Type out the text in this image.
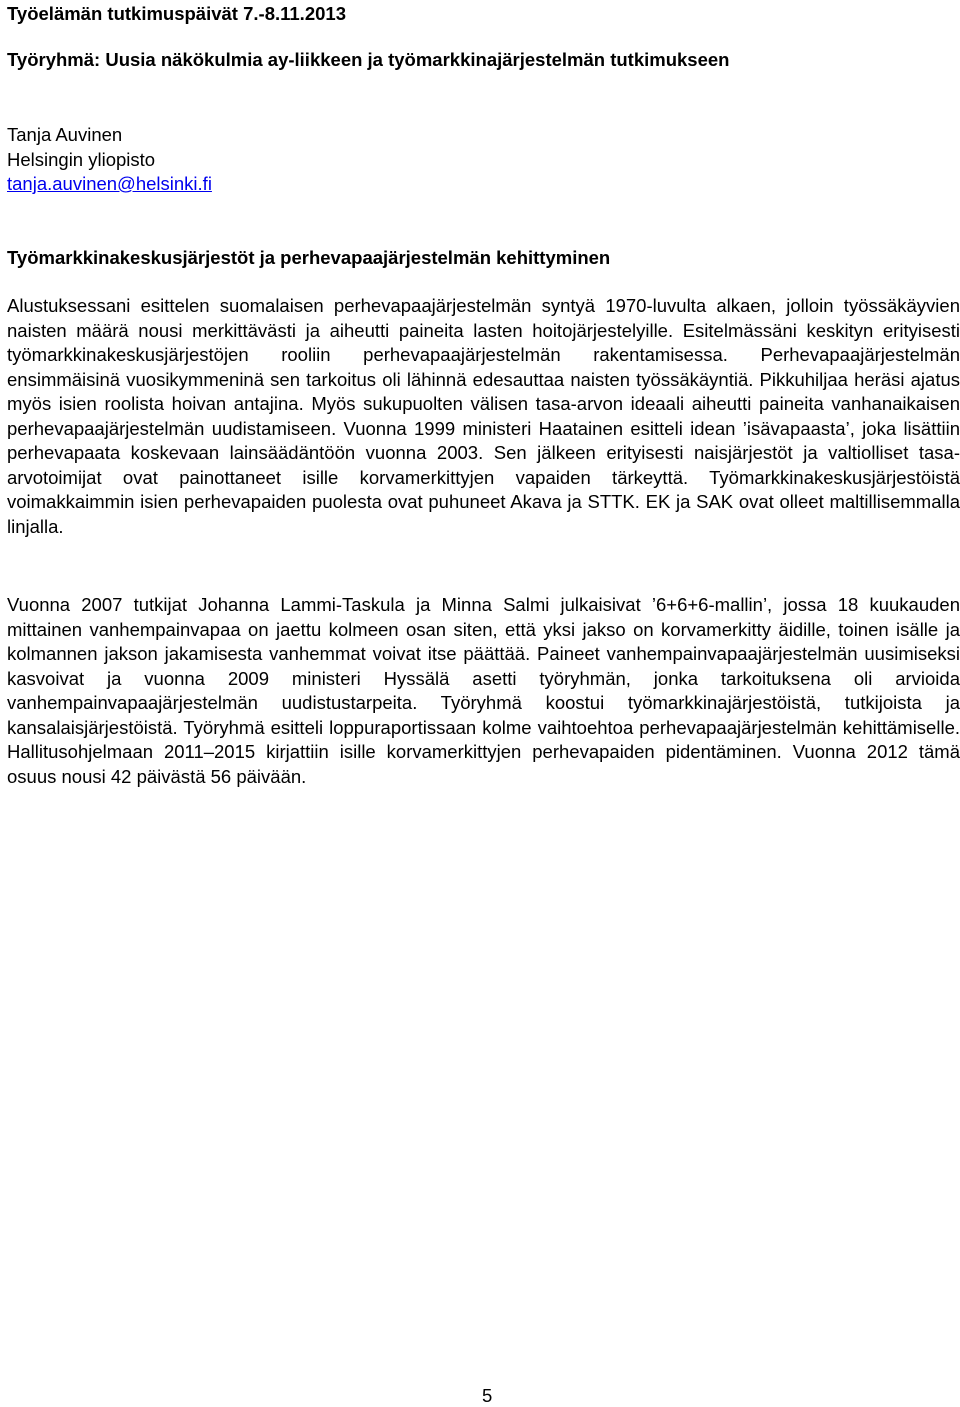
Työelämän tutkimuspäivät 7.-8.11.2013
Työryhmä: Uusia näkökulmia ay-liikkeen ja työmarkkinajärjestelmän tutkimukseen
Tanja Auvinen
Helsingin yliopisto
tanja.auvinen@helsinki.fi
Työmarkkinakeskusjärjestöt ja perhevapaajärjestelmän kehittyminen

Alustuksessani esittelen suomalaisen perhevapaajärjestelmän syntyä 1970-luvulta alkaen, jolloin työssäkäyvien naisten määrä nousi merkittävästi ja aiheutti paineita lasten hoitojärjestelyille. Esitelmässäni keskityn erityisesti työmarkkinakeskusjärjestöjen rooliin perhevapaajärjestelmän rakentamisessa. Perhevapaajärjestelmän ensimmäisinä vuosikymmeninä sen tarkoitus oli lähinnä edesauttaa naisten työssäkäyntiä. Pikkuhiljaa heräsi ajatus myös isien roolista hoivan antajina. Myös sukupuolten välisen tasa-arvon ideaali aiheutti paineita vanhanaikaisen perhevapaajärjestelmän uudistamiseen. Vuonna 1999 ministeri Haatainen esitteli idean ’isävapaasta’, joka lisättiin perhevapaata koskevaan lainsäädäntöön vuonna 2003. Sen jälkeen erityisesti naisjärjestöt ja valtiolliset tasa-arvotoimijat ovat painottaneet isille korvamerkittyjen vapaiden tärkeyttä. Työmarkkinakeskusjärjestöistä voimakkaimmin isien perhevapaiden puolesta ovat puhuneet Akava ja STTK. EK ja SAK ovat olleet maltillisemmalla linjalla.

Vuonna 2007 tutkijat Johanna Lammi-Taskula ja Minna Salmi julkaisivat ’6+6+6-mallin’, jossa 18 kuukauden mittainen vanhempainvapaa on jaettu kolmeen osan siten, että yksi jakso on korvamerkitty äidille, toinen isälle ja kolmannen jakson jakamisesta vanhemmat voivat itse päättää. Paineet vanhempainvapaajärjestelmän uusimiseksi kasvoivat ja vuonna 2009 ministeri Hyssälä asetti työryhmän, jonka tarkoituksena oli arvioida vanhempainvapaajärjestelmän uudistustarpeita. Työryhmä koostui työmarkkinajärjestöistä, tutkijoista ja kansalaisjärjestöistä. Työryhmä esitteli loppuraportissaan kolme vaihtoehtoa perhevapaajärjestelmän kehittämiselle. Hallitusohjelmaan 2011–2015 kirjattiin isille korvamerkittyjen perhevapaiden pidentäminen. Vuonna 2012 tämä osuus nousi 42 päivästä 56 päivään.

5
